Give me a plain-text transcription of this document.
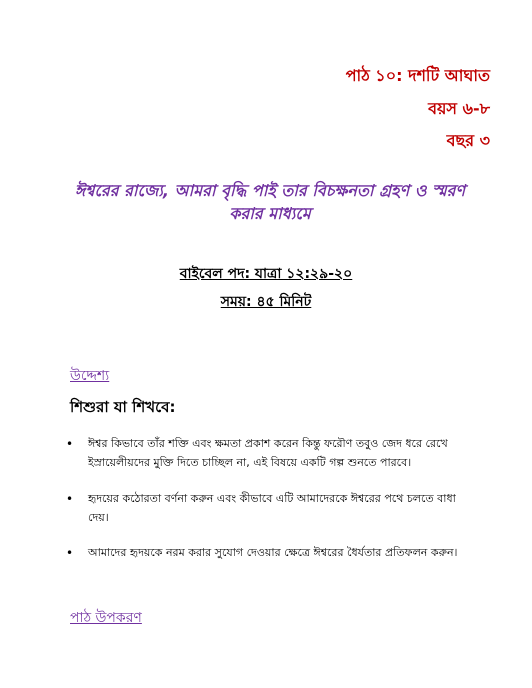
পাঠ ১০: দশটি আঘাত
বয়স ৬-৮
বছর ৩
ঈশ্বরের রাজ্যে, আমরা বৃদ্ধি পাই তার বিচক্ষনতা গ্রহণ ও স্মরণ করার মাধ্যমে
বাইবেল পদ: যাত্রা ১২:২৯-২০
সময়: ৪৫ মিনিট
উদ্দেশ্য
শিশুরা যা শিখবে:
• ঈশ্বর কিভাবে তাঁর শক্তি এবং ক্ষমতা প্রকাশ করেন কিন্তু ফরৌণ তবুও জেদ ধরে রেখে ইস্রায়েলীয়দের মুক্তি দিতে চাচ্ছিল না, এই বিষয়ে একটি গল্প শুনতে পারবে।
• হৃদয়ের কঠোরতা বর্ণনা করুন এবং কীভাবে এটি আমাদেরকে ঈশ্বরের পথে চলতে বাধা দেয়।
• আমাদের হৃদয়কে নরম করার সুযোগ দেওয়ার ক্ষেত্রে ঈশ্বরের ধৈর্যতার প্রতিফলন করুন।
পাঠ উপকরণ
